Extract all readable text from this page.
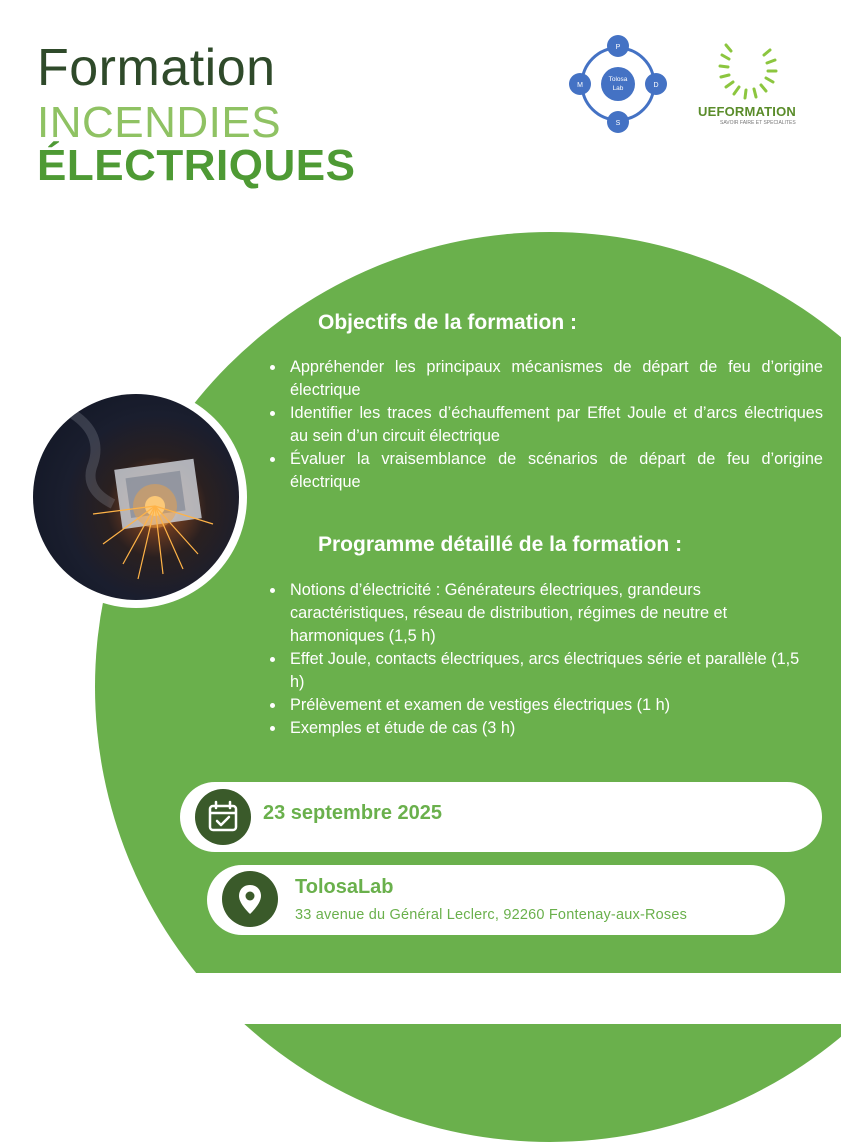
Formation
INCENDIES
ÉLECTRIQUES
Tolosa
Lab
P
M	D
S
UEFORMATION
SAVOIR FAIRE ET SPECIALITES
Objectifs de la formation :
Appréhender les principaux mécanismes de départ de feu d’origine électrique
Identifier les traces d’échauffement par Effet Joule et d’arcs électriques au sein d’un circuit électrique
Évaluer la vraisemblance de scénarios de départ de feu d’origine électrique
Programme détaillé de la formation :
Notions d’électricité : Générateurs électriques, grandeurs caractéristiques, réseau de distribution, régimes de neutre et harmoniques (1,5 h)
Effet Joule, contacts électriques, arcs électriques série et parallèle (1,5 h)
Prélèvement et examen de vestiges électriques (1 h)
Exemples et étude de cas (3 h)
23 septembre 2025
TolosaLab
33 avenue du Général Leclerc, 92260 Fontenay-aux-Roses
